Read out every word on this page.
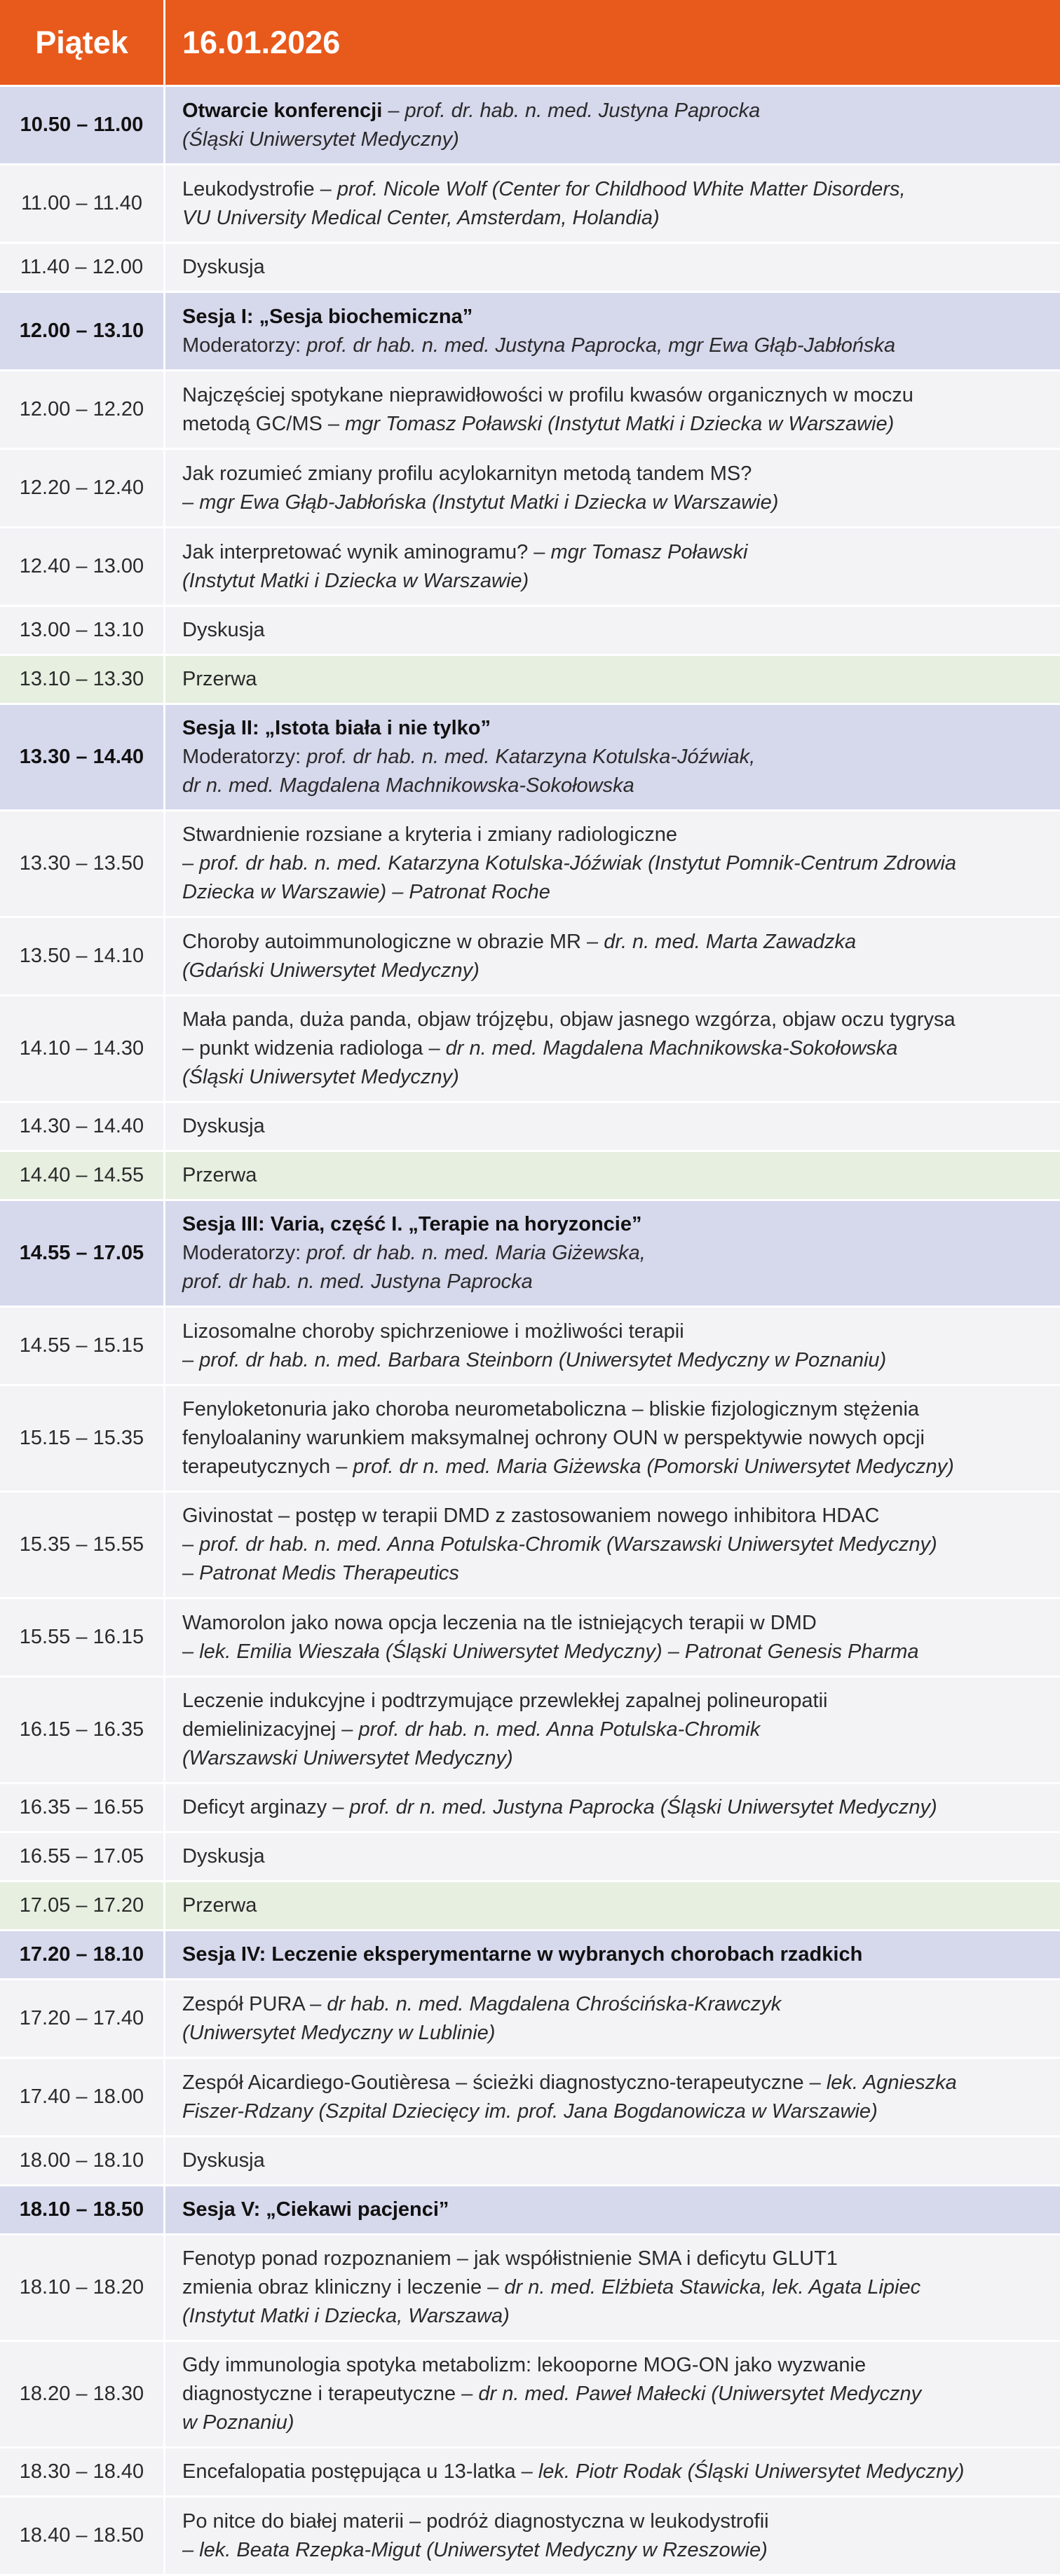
Piątek	16.01.2026
10.50 – 11.00
Otwarcie konferencji – prof. dr. hab. n. med. Justyna Paprocka
(Śląski Uniwersytet Medyczny)
11.00 – 11.40
Leukodystrofie – prof. Nicole Wolf (Center for Childhood White Matter Disorders,
VU University Medical Center, Amsterdam, Holandia)
11.40 – 12.00	Dyskusja
12.00 – 13.10
Sesja I: „Sesja biochemiczna”
Moderatorzy: prof. dr hab. n. med. Justyna Paprocka, mgr Ewa Głąb-Jabłońska
12.00 – 12.20
Najczęściej spotykane nieprawidłowości w profilu kwasów organicznych w moczu
metodą GC/MS – mgr Tomasz Poławski (Instytut Matki i Dziecka w Warszawie)
12.20 – 12.40
Jak rozumieć zmiany profilu acylokarnityn metodą tandem MS?
– mgr Ewa Głąb-Jabłońska (Instytut Matki i Dziecka w Warszawie)
12.40 – 13.00
Jak interpretować wynik aminogramu? – mgr Tomasz Poławski
(Instytut Matki i Dziecka w Warszawie)
13.00 – 13.10	Dyskusja
13.10 – 13.30	Przerwa
13.30 – 14.40
Sesja II: „Istota biała i nie tylko”
Moderatorzy: prof. dr hab. n. med. Katarzyna Kotulska-Jóźwiak,
dr n. med. Magdalena Machnikowska-Sokołowska
13.30 – 13.50
Stwardnienie rozsiane a kryteria i zmiany radiologiczne
– prof. dr hab. n. med. Katarzyna Kotulska-Jóźwiak (Instytut Pomnik-Centrum Zdrowia
Dziecka w Warszawie) – Patronat Roche
13.50 – 14.10
Choroby autoimmunologiczne w obrazie MR – dr. n. med. Marta Zawadzka
(Gdański Uniwersytet Medyczny)
14.10 – 14.30
Mała panda, duża panda, objaw trójzębu, objaw jasnego wzgórza, objaw oczu tygrysa
– punkt widzenia radiologa – dr n. med. Magdalena Machnikowska-Sokołowska
(Śląski Uniwersytet Medyczny)
14.30 – 14.40	Dyskusja
14.40 – 14.55	Przerwa
14.55 – 17.05
Sesja III: Varia, część I. „Terapie na horyzoncie”
Moderatorzy: prof. dr hab. n. med. Maria Giżewska,
prof. dr hab. n. med. Justyna Paprocka
14.55 – 15.15
Lizosomalne choroby spichrzeniowe i możliwości terapii
– prof. dr hab. n. med. Barbara Steinborn (Uniwersytet Medyczny w Poznaniu)
15.15 – 15.35
Fenyloketonuria jako choroba neurometaboliczna – bliskie fizjologicznym stężenia
fenyloalaniny warunkiem maksymalnej ochrony OUN w perspektywie nowych opcji
terapeutycznych – prof. dr n. med. Maria Giżewska (Pomorski Uniwersytet Medyczny)
15.35 – 15.55
Givinostat – postęp w terapii DMD z zastosowaniem nowego inhibitora HDAC
– prof. dr hab. n. med. Anna Potulska-Chromik (Warszawski Uniwersytet Medyczny)
– Patronat Medis Therapeutics
15.55 – 16.15
Wamorolon jako nowa opcja leczenia na tle istniejących terapii w DMD
– lek. Emilia Wieszała (Śląski Uniwersytet Medyczny) – Patronat Genesis Pharma
16.15 – 16.35
Leczenie indukcyjne i podtrzymujące przewlekłej zapalnej polineuropatii
demielinizacyjnej – prof. dr hab. n. med. Anna Potulska-Chromik
(Warszawski Uniwersytet Medyczny)
16.35 – 16.55	Deficyt arginazy – prof. dr n. med. Justyna Paprocka (Śląski Uniwersytet Medyczny)
16.55 – 17.05	Dyskusja
17.05 – 17.20	Przerwa
17.20 – 18.10	Sesja IV: Leczenie eksperymentarne w wybranych chorobach rzadkich
17.20 – 17.40
Zespół PURA – dr hab. n. med. Magdalena Chrościńska-Krawczyk
(Uniwersytet Medyczny w Lublinie)
17.40 – 18.00
Zespół Aicardiego-Goutièresa – ścieżki diagnostyczno-terapeutyczne – lek. Agnieszka
Fiszer-Rdzany (Szpital Dziecięcy im. prof. Jana Bogdanowicza w Warszawie)
18.00 – 18.10	Dyskusja
18.10 – 18.50	Sesja V: „Ciekawi pacjenci”
18.10 – 18.20
Fenotyp ponad rozpoznaniem – jak współistnienie SMA i deficytu GLUT1
zmienia obraz kliniczny i leczenie – dr n. med. Elżbieta Stawicka, lek. Agata Lipiec
(Instytut Matki i Dziecka, Warszawa)
18.20 – 18.30
Gdy immunologia spotyka metabolizm: lekooporne MOG-ON jako wyzwanie
diagnostyczne i terapeutyczne – dr n. med. Paweł Małecki (Uniwersytet Medyczny
w Poznaniu)
18.30 – 18.40	Encefalopatia postępująca u 13-latka – lek. Piotr Rodak (Śląski Uniwersytet Medyczny)
18.40 – 18.50
Po nitce do białej materii – podróż diagnostyczna w leukodystrofii
– lek. Beata Rzepka-Migut (Uniwersytet Medyczny w Rzeszowie)
